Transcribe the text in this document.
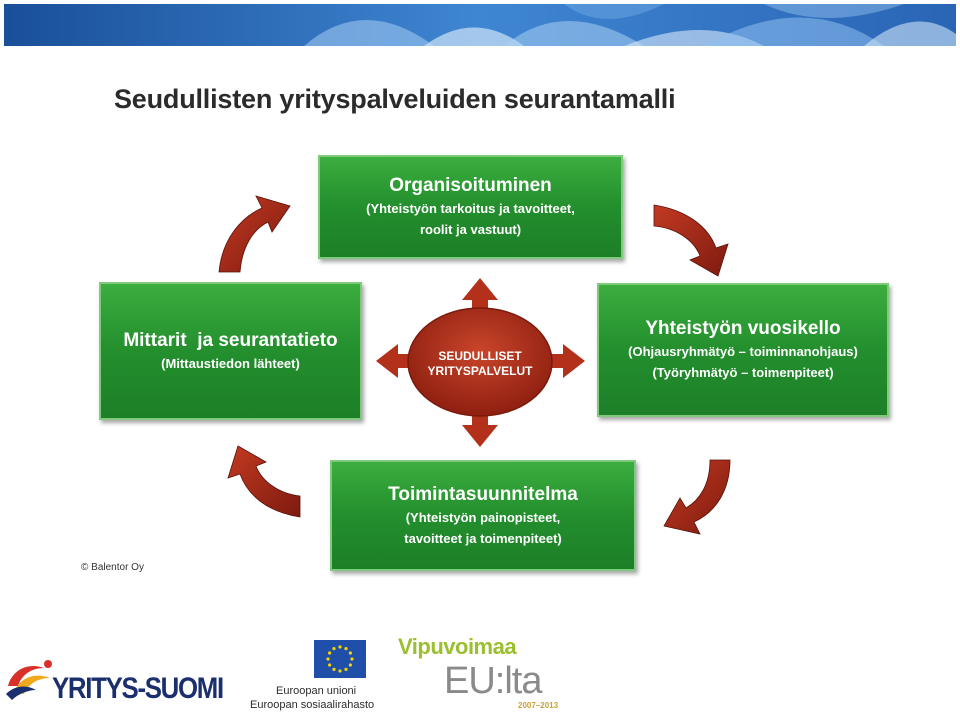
Seudullisten yrityspalveluiden seurantamalli
Organisoituminen
(Yhteistyön tarkoitus ja tavoitteet,
roolit ja vastuut)
Yhteistyön vuosikello
(Ohjausryhmätyö – toiminnanohjaus)
(Työryhmätyö – toimenpiteet)
Toimintasuunnitelma
(Yhteistyön painopisteet,
tavoitteet ja toimenpiteet)
Mittarit  ja seurantatieto
(Mittaustiedon lähteet)	SEUDULLISET
YRITYSPALVELUT
© Balentor Oy
YRITYS-SUOMI	Euroopan unioni
Euroopan sosiaalirahasto
Vipuvoimaa
EU:lta
2007–2013
